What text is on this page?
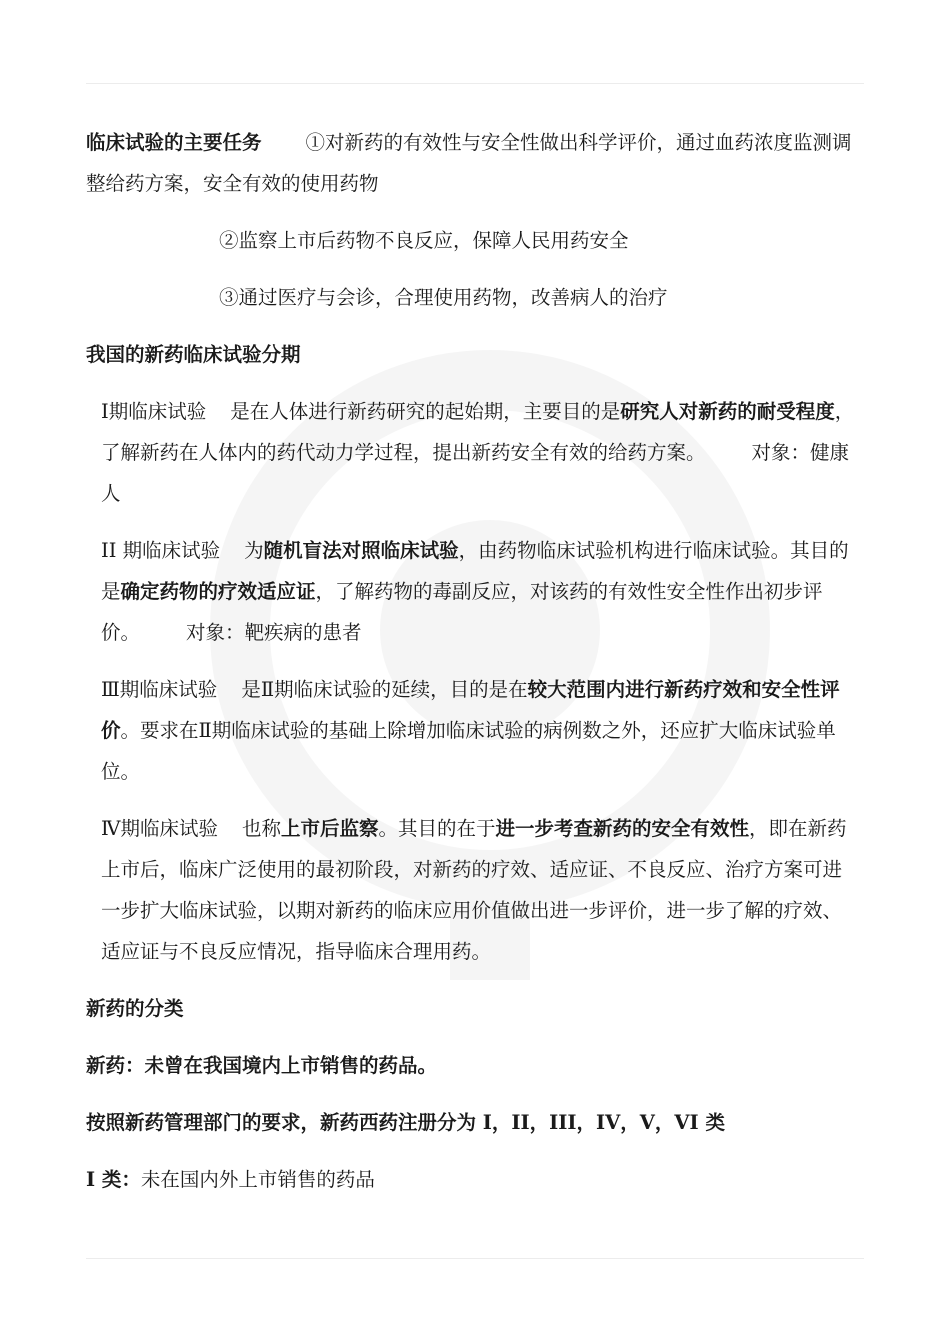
临床试验的主要任务 ①对新药的有效性与安全性做出科学评价，通过血药浓度监测调整给药方案，安全有效的使用药物

②监察上市后药物不良反应，保障人民用药安全

③通过医疗与会诊，合理使用药物，改善病人的治疗

我国的新药临床试验分期

Ⅰ期临床试验 是在人体进行新药研究的起始期，主要目的是研究人对新药的耐受程度，了解新药在人体内的药代动力学过程，提出新药安全有效的给药方案。 对象：健康人

II 期临床试验 为随机盲法对照临床试验，由药物临床试验机构进行临床试验。其目的是确定药物的疗效适应证，了解药物的毒副反应，对该药的有效性安全性作出初步评价。 对象：靶疾病的患者

Ⅲ期临床试验 是Ⅱ期临床试验的延续，目的是在较大范围内进行新药疗效和安全性评价。要求在Ⅱ期临床试验的基础上除增加临床试验的病例数之外，还应扩大临床试验单位。

Ⅳ期临床试验 也称上市后监察。其目的在于进一步考查新药的安全有效性，即在新药上市后，临床广泛使用的最初阶段，对新药的疗效、适应证、不良反应、治疗方案可进一步扩大临床试验，以期对新药的临床应用价值做出进一步评价，进一步了解的疗效、适应证与不良反应情况，指导临床合理用药。

新药的分类

新药：未曾在我国境内上市销售的药品。

按照新药管理部门的要求，新药西药注册分为 I，II，III，IV，V，VI 类

I 类：未在国内外上市销售的药品
